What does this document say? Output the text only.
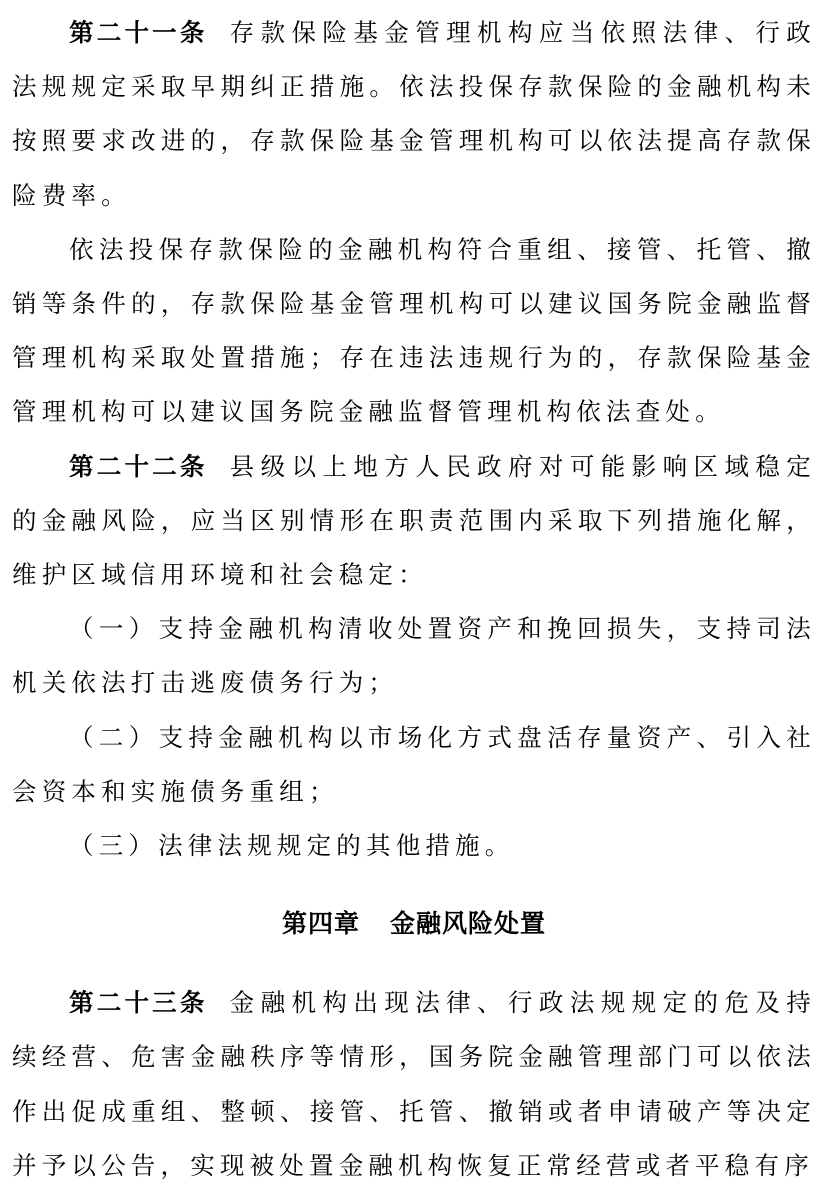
第二十一条 存款保险基金管理机构应当依照法律、行政法规规定采取早期纠正措施。依法投保存款保险的金融机构未按照要求改进的，存款保险基金管理机构可以依法提高存款保险费率。

依法投保存款保险的金融机构符合重组、接管、托管、撤销等条件的，存款保险基金管理机构可以建议国务院金融监督管理机构采取处置措施；存在违法违规行为的，存款保险基金管理机构可以建议国务院金融监督管理机构依法查处。

第二十二条 县级以上地方人民政府对可能影响区域稳定的金融风险，应当区别情形在职责范围内采取下列措施化解，维护区域信用环境和社会稳定：

（一）支持金融机构清收处置资产和挽回损失，支持司法机关依法打击逃废债务行为；

（二）支持金融机构以市场化方式盘活存量资产、引入社会资本和实施债务重组；

（三）法律法规规定的其他措施。

第四章 金融风险处置

第二十三条 金融机构出现法律、行政法规规定的危及持续经营、危害金融秩序等情形，国务院金融管理部门可以依法作出促成重组、整顿、接管、托管、撤销或者申请破产等决定并予以公告，实现被处置金融机构恢复正常经营或者平稳有序
